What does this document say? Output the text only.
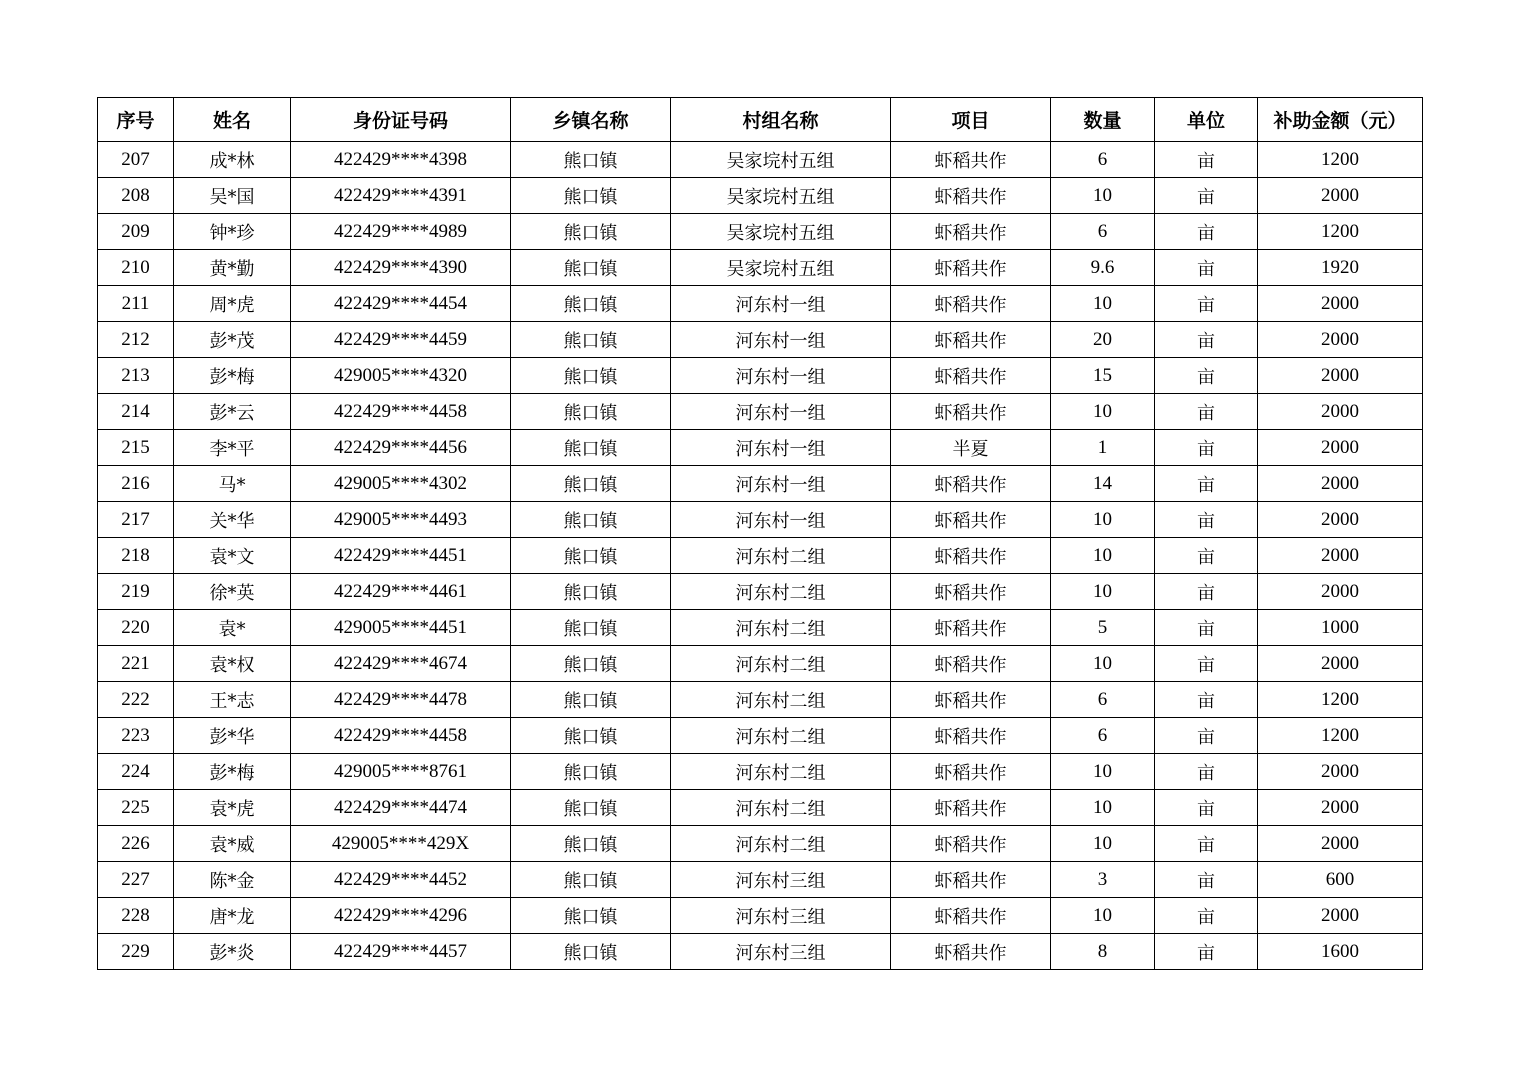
序号	姓名	身份证号码	乡镇名称	村组名称	项目	数量	单位	补助金额（元）
207	成*林	422429****4398	熊口镇	吴家垸村五组	虾稻共作	6	亩	1200
208	吴*国	422429****4391	熊口镇	吴家垸村五组	虾稻共作	10	亩	2000
209	钟*珍	422429****4989	熊口镇	吴家垸村五组	虾稻共作	6	亩	1200
210	黄*勤	422429****4390	熊口镇	吴家垸村五组	虾稻共作	9.6	亩	1920
211	周*虎	422429****4454	熊口镇	河东村一组	虾稻共作	10	亩	2000
212	彭*茂	422429****4459	熊口镇	河东村一组	虾稻共作	20	亩	2000
213	彭*梅	429005****4320	熊口镇	河东村一组	虾稻共作	15	亩	2000
214	彭*云	422429****4458	熊口镇	河东村一组	虾稻共作	10	亩	2000
215	李*平	422429****4456	熊口镇	河东村一组	半夏	1	亩	2000
216	马*	429005****4302	熊口镇	河东村一组	虾稻共作	14	亩	2000
217	关*华	429005****4493	熊口镇	河东村一组	虾稻共作	10	亩	2000
218	袁*文	422429****4451	熊口镇	河东村二组	虾稻共作	10	亩	2000
219	徐*英	422429****4461	熊口镇	河东村二组	虾稻共作	10	亩	2000
220	袁*	429005****4451	熊口镇	河东村二组	虾稻共作	5	亩	1000
221	袁*权	422429****4674	熊口镇	河东村二组	虾稻共作	10	亩	2000
222	王*志	422429****4478	熊口镇	河东村二组	虾稻共作	6	亩	1200
223	彭*华	422429****4458	熊口镇	河东村二组	虾稻共作	6	亩	1200
224	彭*梅	429005****8761	熊口镇	河东村二组	虾稻共作	10	亩	2000
225	袁*虎	422429****4474	熊口镇	河东村二组	虾稻共作	10	亩	2000
226	袁*威	429005****429X	熊口镇	河东村二组	虾稻共作	10	亩	2000
227	陈*金	422429****4452	熊口镇	河东村三组	虾稻共作	3	亩	600
228	唐*龙	422429****4296	熊口镇	河东村三组	虾稻共作	10	亩	2000
229	彭*炎	422429****4457	熊口镇	河东村三组	虾稻共作	8	亩	1600
